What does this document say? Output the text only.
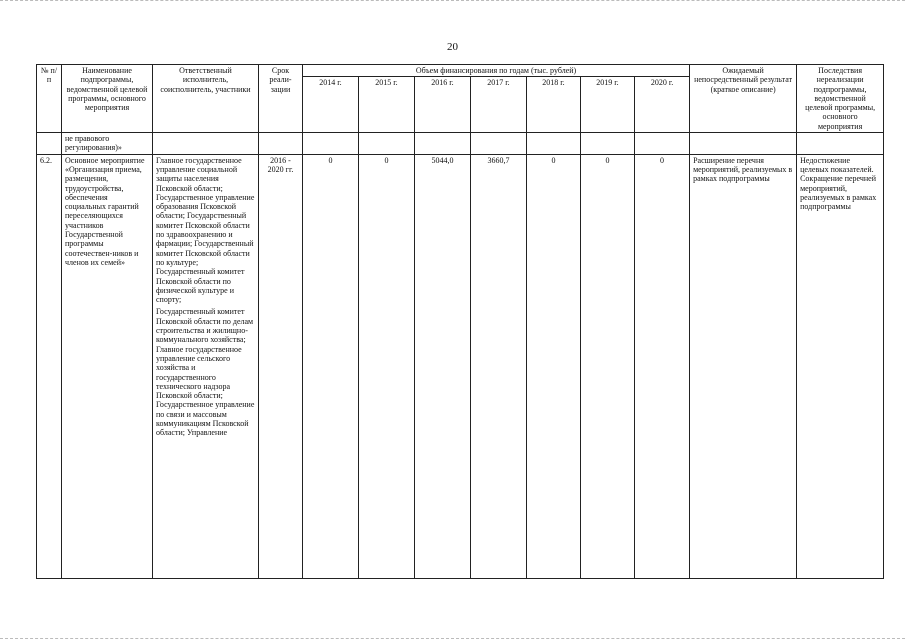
20
№ п/п	Наименование подпрограммы, ведомственной целевой программы, основного мероприятия	Ответственный исполнитель, соисполнитель, участники	Срок реали-зации	Объем финансирования по годам (тыс. рублей)							Ожидаемый непосредственный результат (краткое описание)	Последствия нереализации подпрограммы, ведомственной целевой программы, основного мероприятия
				2014 г.	2015 г.	2016 г.	2017 г.	2018 г.	2019 г.	2020 г.		
	не правового регулирования)»											
6.2.	Основное мероприятие «Организация приема, размещения, трудоустройства, обеспечения социальных гарантий переселяющихся участников Государственной программы соотечествен-ников и членов их семей»	Главное государственное управление социальной защиты населения Псковской области; Государственное управление образования Псковской области; Государственный комитет Псковской области по здравоохранению и фармации; Государственный комитет Псковской области по культуре; Государственный комитет Псковской области по физической культуре и спорту;
Государственный комитет Псковской области по делам строительства и жилищно-коммунального хозяйства; Главное государственное управление сельского хозяйства и государственного технического надзора Псковской области; Государственное управление по связи и массовым коммуникациям Псковской области; Управление	2016 - 2020 гг.	0	0	5044,0	3660,7	0	0	0	Расширение перечня мероприятий, реализуемых в рамках подпрограммы	Недостижение целевых показателей. Сокращение перечней мероприятий, реализуемых в рамках подпрограммы
